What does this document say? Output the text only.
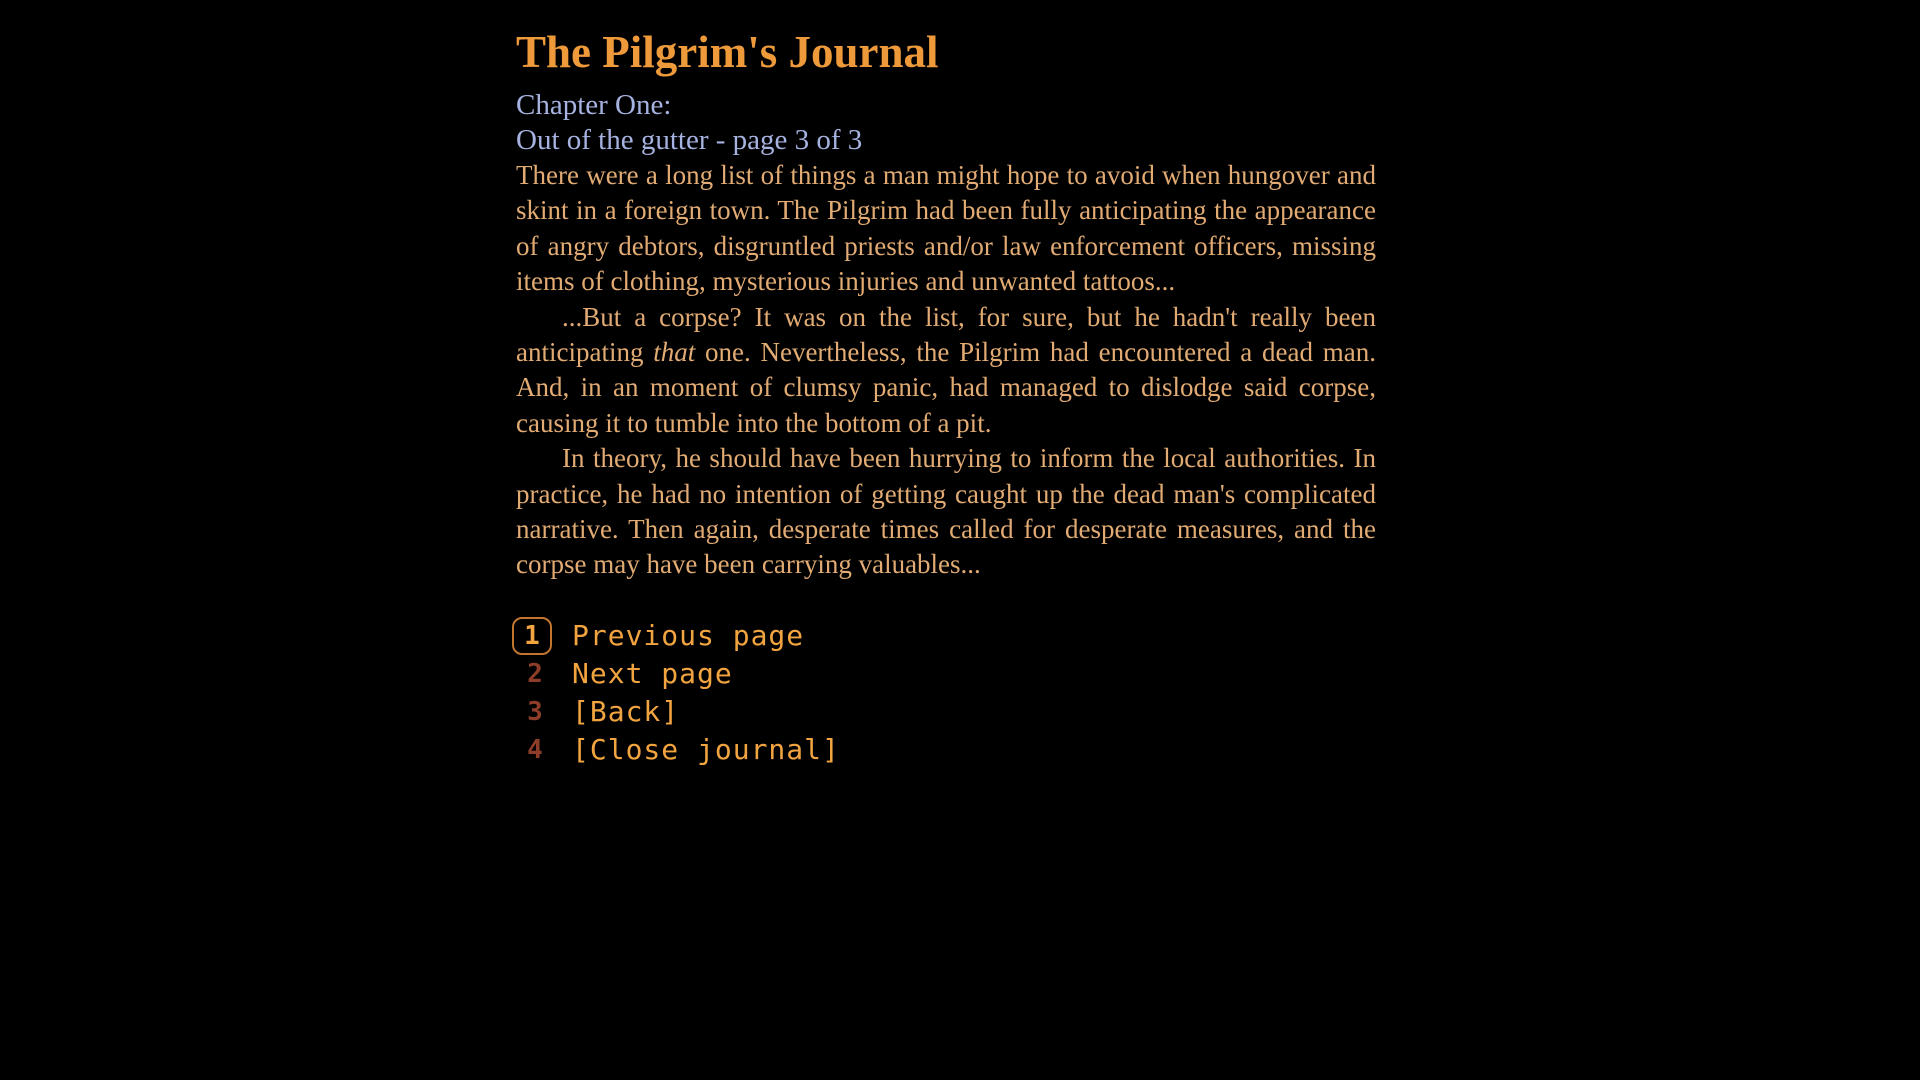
The Pilgrim's Journal
Chapter One:
Out of the gutter - page 3 of 3

There were a long list of things a man might hope to avoid when hungover and skint in a foreign town. The Pilgrim had been fully anticipating the appearance of angry debtors, disgruntled priests and/or law enforcement officers, missing items of clothing, mysterious injuries and unwanted tattoos...

...But a corpse? It was on the list, for sure, but he hadn't really been anticipating that one. Nevertheless, the Pilgrim had encountered a dead man. And, in an moment of clumsy panic, had managed to dislodge said corpse, causing it to tumble into the bottom of a pit.

In theory, he should have been hurrying to inform the local authorities. In practice, he had no intention of getting caught up the dead man's complicated narrative. Then again, desperate times called for desperate measures, and the corpse may have been carrying valuables...

1	Previous page
2	Next page
3	[Back]
4	[Close journal]
